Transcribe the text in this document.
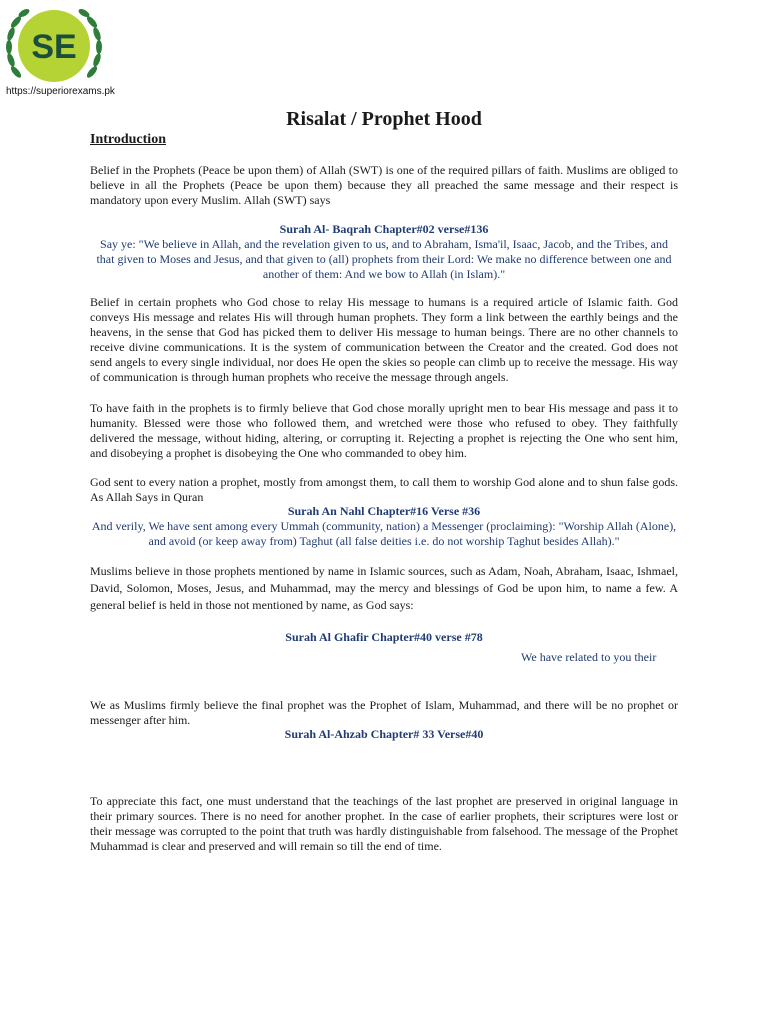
SE
https://superiorexams.pk
Risalat / Prophet Hood
Introduction
Belief in the Prophets (Peace be upon them) of Allah (SWT) is one of the required pillars of faith. Muslims are obliged to believe in all the Prophets (Peace be upon them) because they all preached the same message and their respect is mandatory upon every Muslim. Allah (SWT) says
Surah Al- Baqrah Chapter#02 verse#136
Say ye: "We believe in Allah, and the revelation given to us, and to Abraham, Isma'il, Isaac, Jacob, and the Tribes, and that given to Moses and Jesus, and that given to (all) prophets from their Lord: We make no difference between one and another of them: And we bow to Allah (in Islam)."
Belief in certain prophets who God chose to relay His message to humans is a required article of Islamic faith. God conveys His message and relates His will through human prophets. They form a link between the earthly beings and the heavens, in the sense that God has picked them to deliver His message to human beings. There are no other channels to receive divine communications. It is the system of communication between the Creator and the created. God does not send angels to every single individual, nor does He open the skies so people can climb up to receive the message. His way of communication is through human prophets who receive the message through angels.
To have faith in the prophets is to firmly believe that God chose morally upright men to bear His message and pass it to humanity. Blessed were those who followed them, and wretched were those who refused to obey. They faithfully delivered the message, without hiding, altering, or corrupting it. Rejecting a prophet is rejecting the One who sent him, and disobeying a prophet is disobeying the One who commanded to obey him.
God sent to every nation a prophet, mostly from amongst them, to call them to worship God alone and to shun false gods. As Allah Says in Quran
Surah An Nahl Chapter#16 Verse #36
And verily, We have sent among every Ummah (community, nation) a Messenger (proclaiming): "Worship Allah (Alone), and avoid (or keep away from) Taghut (all false deities i.e. do not worship Taghut besides Allah)."
Muslims believe in those prophets mentioned by name in Islamic sources, such as Adam, Noah, Abraham, Isaac, Ishmael, David, Solomon, Moses, Jesus, and Muhammad, may the mercy and blessings of God be upon him, to name a few. A general belief is held in those not mentioned by name, as God says:
Surah Al Ghafir Chapter#40 verse #78
We have related to you their
We as Muslims firmly believe the final prophet was the Prophet of Islam, Muhammad, and there will be no prophet or messenger after him.
Surah Al-Ahzab Chapter# 33 Verse#40
To appreciate this fact, one must understand that the teachings of the last prophet are preserved in original language in their primary sources. There is no need for another prophet. In the case of earlier prophets, their scriptures were lost or their message was corrupted to the point that truth was hardly distinguishable from falsehood. The message of the Prophet Muhammad is clear and preserved and will remain so till the end of time.
